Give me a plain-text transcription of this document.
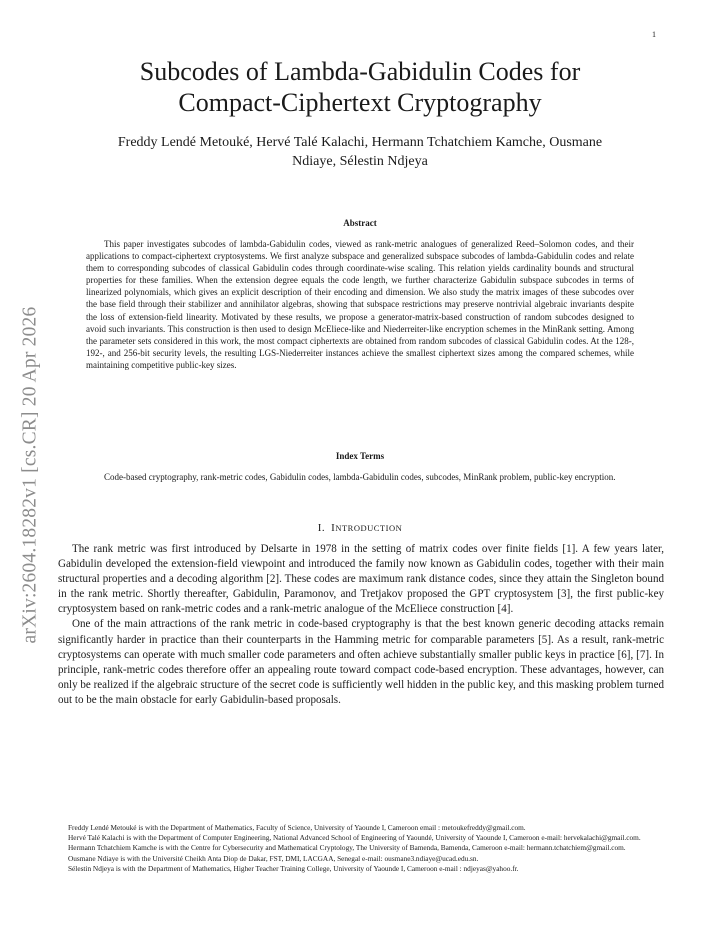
1
arXiv:2604.18282v1 [cs.CR] 20 Apr 2026
Subcodes of Lambda-Gabidulin Codes for
Compact-Ciphertext Cryptography
Freddy Lendé Metouké, Hervé Talé Kalachi, Hermann Tchatchiem Kamche, Ousmane
Ndiaye, Sélestin Ndjeya
Abstract

This paper investigates subcodes of lambda-Gabidulin codes, viewed as rank-metric analogues of generalized Reed–Solomon codes, and their applications to compact-ciphertext cryptosystems. We first analyze subspace and generalized subspace subcodes of lambda-Gabidulin codes and relate them to corresponding subcodes of classical Gabidulin codes through coordinate-wise scaling. This relation yields cardinality bounds and structural properties for these families. When the extension degree equals the code length, we further characterize Gabidulin subspace subcodes in terms of linearized polynomials, which gives an explicit description of their encoding and dimension. We also study the matrix images of these subcodes over the base field through their stabilizer and annihilator algebras, showing that subspace restrictions may preserve nontrivial algebraic invariants despite the loss of extension-field linearity. Motivated by these results, we propose a generator-matrix-based construction of random subcodes designed to avoid such invariants. This construction is then used to design McEliece-like and Niederreiter-like encryption schemes in the MinRank setting. Among the parameter sets considered in this work, the most compact ciphertexts are obtained from random subcodes of classical Gabidulin codes. At the 128-, 192-, and 256-bit security levels, the resulting LGS-Niederreiter instances achieve the smallest ciphertext sizes among the compared schemes, while maintaining competitive public-key sizes.

Index Terms

Code-based cryptography, rank-metric codes, Gabidulin codes, lambda-Gabidulin codes, subcodes, MinRank problem, public-key encryption.

I. INTRODUCTION

The rank metric was first introduced by Delsarte in 1978 in the setting of matrix codes over finite fields [1]. A few years later, Gabidulin developed the extension-field viewpoint and introduced the family now known as Gabidulin codes, together with their main structural properties and a decoding algorithm [2]. These codes are maximum rank distance codes, since they attain the Singleton bound in the rank metric. Shortly thereafter, Gabidulin, Paramonov, and Tretjakov proposed the GPT cryptosystem [3], the first public-key cryptosystem based on rank-metric codes and a rank-metric analogue of the McEliece construction [4].

One of the main attractions of the rank metric in code-based cryptography is that the best known generic decoding attacks remain significantly harder in practice than their counterparts in the Hamming metric for comparable parameters [5]. As a result, rank-metric cryptosystems can operate with much smaller code parameters and often achieve substantially smaller public keys in practice [6], [7]. In principle, rank-metric codes therefore offer an appealing route toward compact code-based encryption. These advantages, however, can only be realized if the algebraic structure of the secret code is sufficiently well hidden in the public key, and this masking problem turned out to be the main obstacle for early Gabidulin-based proposals.

Freddy Lendé Metouké is with the Department of Mathematics, Faculty of Science, University of Yaounde I, Cameroon email : metoukefreddy@gmail.com.

Hervé Talé Kalachi is with the Department of Computer Engineering, National Advanced School of Engineering of Yaoundé, University of Yaounde I, Cameroon e-mail: hervekalachi@gmail.com.

Hermann Tchatchiem Kamche is with the Centre for Cybersecurity and Mathematical Cryptology, The University of Bamenda, Bamenda, Cameroon e-mail: hermann.tchatchiem@gmail.com.

Ousmane Ndiaye is with the Université Cheikh Anta Diop de Dakar, FST, DMI, LACGAA, Senegal e-mail: ousmane3.ndiaye@ucad.edu.sn.

Sélestin Ndjeya is with the Department of Mathematics, Higher Teacher Training College, University of Yaounde I, Cameroon e-mail : ndjeyas@yahoo.fr.
